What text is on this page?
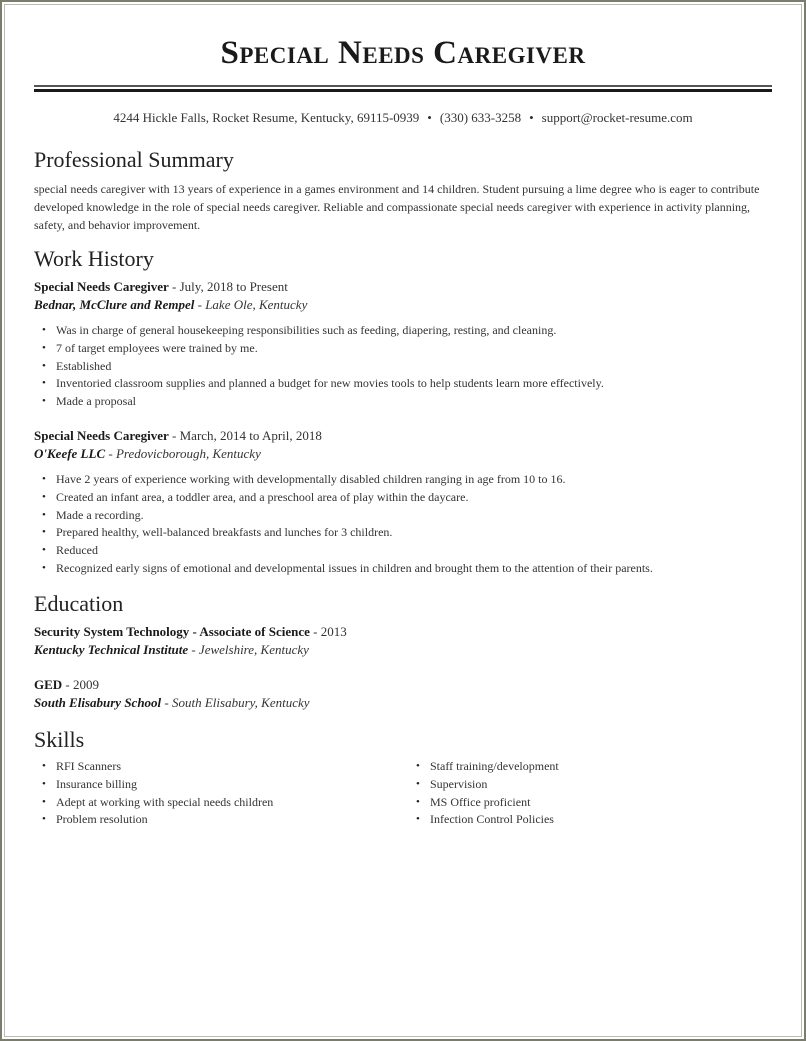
Special Needs Caregiver
4244 Hickle Falls, Rocket Resume, Kentucky, 69115-0939 • (330) 633-3258 • support@rocket-resume.com
Professional Summary
special needs caregiver with 13 years of experience in a games environment and 14 children. Student pursuing a lime degree who is eager to contribute developed knowledge in the role of special needs caregiver. Reliable and compassionate special needs caregiver with experience in activity planning, safety, and behavior improvement.
Work History
Special Needs Caregiver - July, 2018 to Present
Bednar, McClure and Rempel - Lake Ole, Kentucky
• Was in charge of general housekeeping responsibilities such as feeding, diapering, resting, and cleaning.
• 7 of target employees were trained by me.
• Established
• Inventoried classroom supplies and planned a budget for new movies tools to help students learn more effectively.
• Made a proposal
Special Needs Caregiver - March, 2014 to April, 2018
O'Keefe LLC - Predovicborough, Kentucky
• Have 2 years of experience working with developmentally disabled children ranging in age from 10 to 16.
• Created an infant area, a toddler area, and a preschool area of play within the daycare.
• Made a recording.
• Prepared healthy, well-balanced breakfasts and lunches for 3 children.
• Reduced
• Recognized early signs of emotional and developmental issues in children and brought them to the attention of their parents.
Education
Security System Technology - Associate of Science - 2013
Kentucky Technical Institute - Jewelshire, Kentucky
GED - 2009
South Elisabury School - South Elisabury, Kentucky
Skills
• RFI Scanners
• Insurance billing
• Adept at working with special needs children
• Problem resolution
• Staff training/development
• Supervision
• MS Office proficient
• Infection Control Policies
